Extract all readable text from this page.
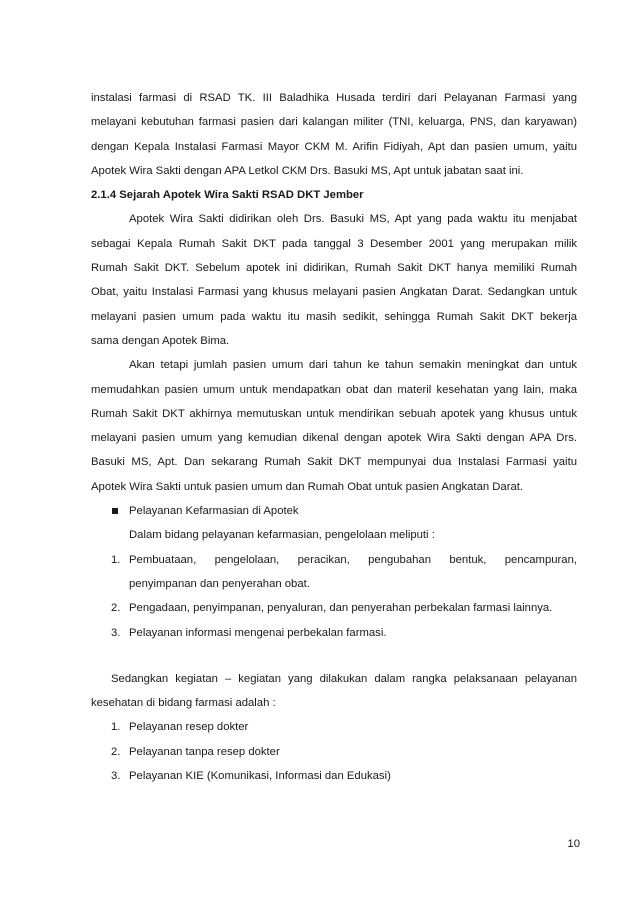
instalasi farmasi di RSAD TK. III Baladhika Husada terdiri dari Pelayanan Farmasi yang

melayani kebutuhan farmasi pasien dari kalangan militer (TNI, keluarga, PNS, dan karyawan)

dengan Kepala Instalasi Farmasi Mayor CKM M. Arifin Fidiyah, Apt dan pasien umum, yaitu

Apotek Wira Sakti dengan APA Letkol CKM Drs. Basuki MS, Apt untuk jabatan saat ini.

2.1.4 Sejarah Apotek Wira Sakti RSAD DKT Jember

Apotek Wira Sakti didirikan oleh Drs. Basuki MS, Apt yang pada waktu itu menjabat

sebagai Kepala Rumah Sakit DKT pada tanggal 3 Desember 2001 yang merupakan milik

Rumah Sakit DKT. Sebelum apotek ini didirikan, Rumah Sakit DKT hanya memiliki Rumah

Obat, yaitu Instalasi Farmasi yang khusus melayani pasien Angkatan Darat. Sedangkan untuk

melayani pasien umum pada waktu itu masih sedikit, sehingga Rumah Sakit DKT bekerja

sama dengan Apotek Bima.

Akan tetapi jumlah pasien umum dari tahun ke tahun semakin meningkat dan untuk

memudahkan pasien umum untuk mendapatkan obat dan materil kesehatan yang lain, maka

Rumah Sakit DKT akhirnya memutuskan untuk mendirikan sebuah apotek yang khusus untuk

melayani pasien umum yang kemudian dikenal dengan apotek Wira Sakti dengan APA Drs.

Basuki MS, Apt. Dan sekarang Rumah Sakit DKT mempunyai dua Instalasi Farmasi yaitu

Apotek Wira Sakti untuk pasien umum dan Rumah Obat untuk pasien Angkatan Darat.

Pelayanan Kefarmasian di Apotek

Dalam bidang pelayanan kefarmasian, pengelolaan meliputi :

1. Pembuataan, pengelolaan, peracikan, pengubahan bentuk, pencampuran,

penyimpanan dan penyerahan obat.

2. Pengadaan, penyimpanan, penyaluran, dan penyerahan perbekalan farmasi lainnya.

3. Pelayanan informasi mengenai perbekalan farmasi.

Sedangkan kegiatan – kegiatan yang dilakukan dalam rangka pelaksanaan pelayanan

kesehatan di bidang farmasi adalah :

1. Pelayanan resep dokter

2. Pelayanan tanpa resep dokter

3. Pelayanan KIE (Komunikasi, Informasi dan Edukasi)

10
